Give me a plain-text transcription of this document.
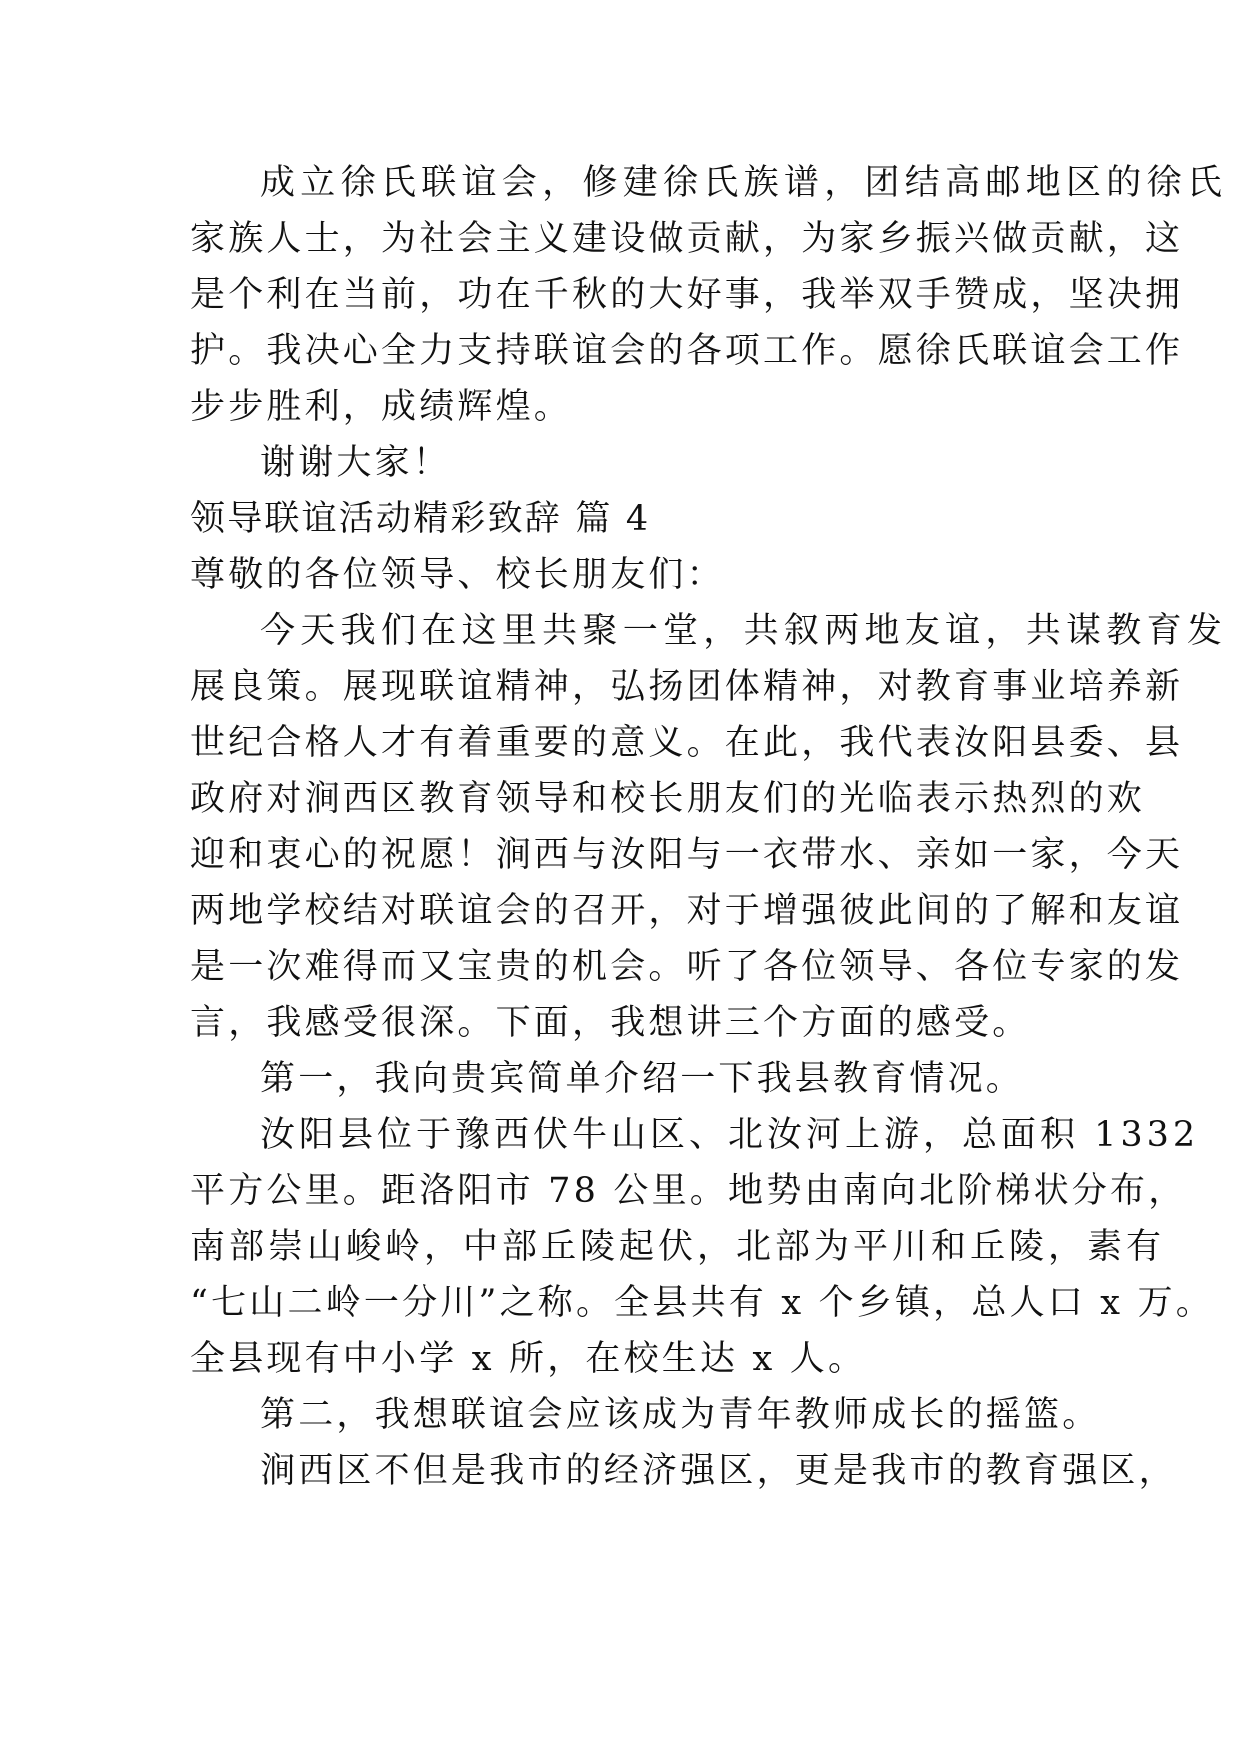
成立徐氏联谊会，修建徐氏族谱，团结高邮地区的徐氏
家族人士，为社会主义建设做贡献，为家乡振兴做贡献，这
是个利在当前，功在千秋的大好事，我举双手赞成，坚决拥
护。我决心全力支持联谊会的各项工作。愿徐氏联谊会工作
步步胜利，成绩辉煌。
谢谢大家！
领导联谊活动精彩致辞 篇 4
尊敬的各位领导、校长朋友们：
今天我们在这里共聚一堂，共叙两地友谊，共谋教育发
展良策。展现联谊精神，弘扬团体精神，对教育事业培养新
世纪合格人才有着重要的意义。在此，我代表汝阳县委、县
政府对涧西区教育领导和校长朋友们的光临表示热烈的欢
迎和衷心的祝愿！涧西与汝阳与一衣带水、亲如一家，今天
两地学校结对联谊会的召开，对于增强彼此间的了解和友谊
是一次难得而又宝贵的机会。听了各位领导、各位专家的发
言，我感受很深。下面，我想讲三个方面的感受。
第一，我向贵宾简单介绍一下我县教育情况。
汝阳县位于豫西伏牛山区、北汝河上游，总面积 1332
平方公里。距洛阳市 78 公里。地势由南向北阶梯状分布，
南部崇山峻岭，中部丘陵起伏，北部为平川和丘陵，素有
“七山二岭一分川”之称。全县共有 x 个乡镇，总人口 x 万。
全县现有中小学 x 所，在校生达 x 人。
第二，我想联谊会应该成为青年教师成长的摇篮。
涧西区不但是我市的经济强区，更是我市的教育强区，
